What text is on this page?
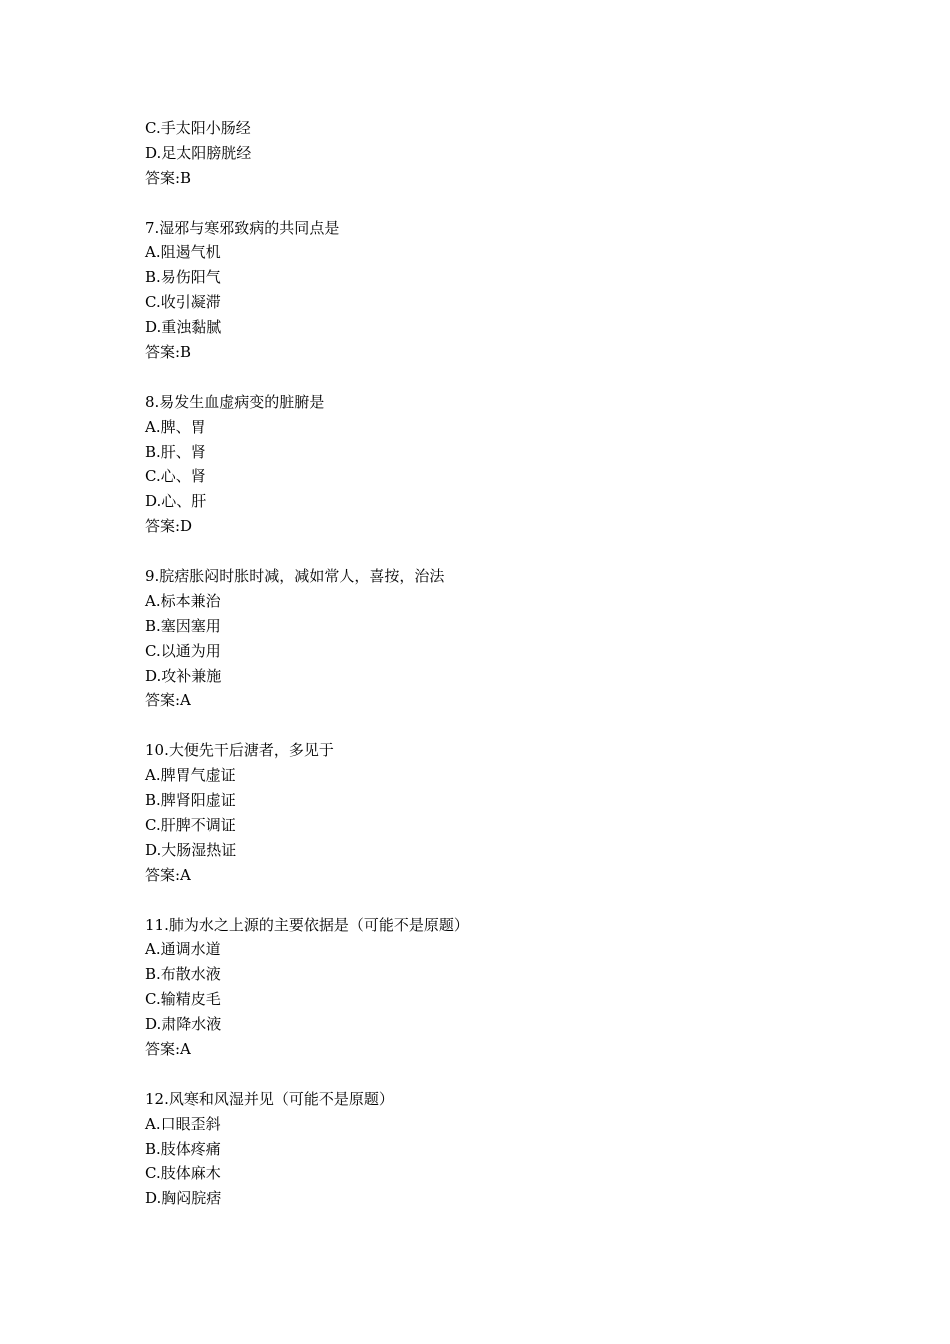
C.手太阳小肠经
D.足太阳膀胱经
答案:B
7.湿邪与寒邪致病的共同点是
A.阻遏气机
B.易伤阳气
C.收引凝滞
D.重浊黏腻
答案:B
8.易发生血虚病变的脏腑是
A.脾、胃
B.肝、肾
C.心、肾
D.心、肝
答案:D
9.脘痞胀闷时胀时减，减如常人，喜按，治法
A.标本兼治
B.塞因塞用
C.以通为用
D.攻补兼施
答案:A
10.大便先干后溏者，多见于
A.脾胃气虚证
B.脾肾阳虚证
C.肝脾不调证
D.大肠湿热证
答案:A
11.肺为水之上源的主要依据是（可能不是原题）
A.通调水道
B.布散水液
C.输精皮毛
D.肃降水液
答案:A
12.风寒和风湿并见（可能不是原题）
A.口眼歪斜
B.肢体疼痛
C.肢体麻木
D.胸闷脘痞
